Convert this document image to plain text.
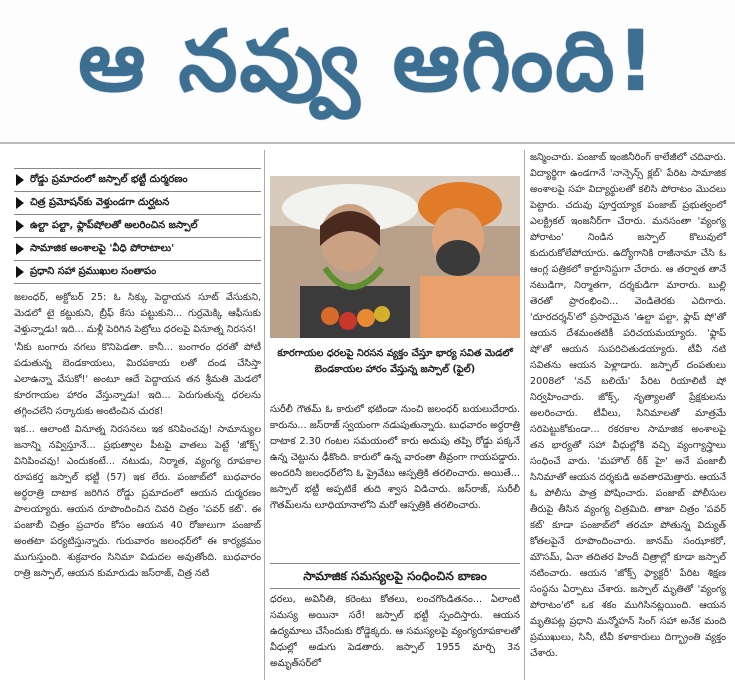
ఆ నవ్వు ఆగింది!
రోడ్డు ప్రమాదంలో జస్పాల్ భట్టీ దుర్మరణం
చిత్ర ప్రమోషన్‌కు వెళ్తుండగా దుర్ఘటన
ఉల్టా పల్టా, ఫ్లాప్‌షోలతో అలరించిన జస్పాల్
సామాజిక అంశాలపై 'వీధి పోరాటాలు'
ప్రధాని సహా ప్రముఖుల సంతాపం

జలంధర్, అక్టోబర్ 25: ఓ సిక్కు పెద్దాయన సూట్ వేసుకుని, మెడలో టై కట్టుకుని, బ్రీఫ్ కేసు పట్టుకుని... గుర్రమెక్కి ఆఫీసుకు వెళ్తున్నాడు! ఇది... మళ్లీ పెరిగిన పెట్రోలు ధరలపై వినూత్న నిరసన!

'నీకు బంగారు నగలు కొనిపెడతా. కానీ... బంగారం ధరతో పోటీ పడుతున్న బెండకాయలు, మిరపకాయ లతో దండ చేసిస్తా ఎలాఉన్నా వేసుకో!' అంటూ ఆదే పెద్దాయన తన శ్రీమతి మెడలో కూరగాయల హారం వేస్తున్నాడు! ఇది... పెరుగుతున్న ధరలను తగ్గించలేని సర్కారుకు అంటించిన చురక!

ఇక... ఆలాంటి వినూత్న నిరసనలు ఇక కనిపించవు! సామాన్యుల జనాన్ని నవ్విస్తూనే... ప్రభుత్వాల పీటపై వాతలు పెట్టే 'జోక్స్' వినిపించవు! ఎందుకంటే... నటుడు, నిర్మాత, వ్యంగ్య రూపకాల రూపకర్త జస్పాల్ భట్టీ (57) ఇక లేరు. పంజాబ్‌లో బుధవారం అర్ధరాత్రి దాటాక జరిగిన రోడ్డు ప్రమాదంలో ఆయన దుర్మరణం పాలయ్యారు. ఆయన రూపొందించిన చివరి చిత్రం 'పవర్ కట్'. ఈ పంజాబీ చిత్రం ప్రచారం కోసం ఆయన 40 రోజులుగా పంజాబ్ అంతటా పర్యటిస్తున్నారు. గురువారం జలంధర్‌లో ఈ కార్యక్రమం ముగుస్తుంది. శుక్రవారం సినిమా విడుదల అవుతోంది. బుధవారం రాత్రి జస్పాల్, ఆయన కుమారుడు జస్‌రాజ్, చిత్ర నటి

కూరగాయల ధరలపై నిరసన వ్యక్తం చేస్తూ భార్య సవిత మెడలో బెండకాయల హారం వేస్తున్న జస్పాల్ (ఫైల్)

సురీలీ గౌతమ్ ఓ కారులో భటిండా నుంచి జలంధర్ బయలుదేరారు. కారును... జస్‌రాజ్ స్వయంగా నడుపుతున్నారు. బుధవారం అర్ధరాత్రి దాటాక 2.30 గంటల సమయంలో కారు అదుపు తప్పి రోడ్డు పక్కనే ఉన్న చెట్టును ఢీకొంది. కారులో ఉన్న వారంతా తీవ్రంగా గాయపడ్డారు. అందరినీ జలంధర్‌లోని ఓ ప్రైవేటు ఆస్పత్రికి తరలించారు. అయితే... జస్పాల్ భట్టీ అప్పటికే తుది శ్వాస విడిచారు. జస్‌రాజ్, సురీలీ గౌతమ్‌లను లూధియానాలోని మరో ఆస్పత్రికి తరలించారు.

సామాజిక సమస్యలపై సంధించిన బాణం

ధరలు, అవినీతి, కరెంటు కోతలు, లంచగొండితనం... ఏలాంటి సమస్య అయినా సరే! జస్పాల్ భట్టీ స్పందిస్తారు. ఆయన ఉద్యమాలు చేసేందుకు రోడ్డెక్కరు. ఆ సమస్యలపై వ్యంగ్యరూపకాలతో వీధుల్లో అడుగు పెడతారు. జస్పాల్ 1955 మార్చి 3న అమృత్‌సర్‌లో

జన్మించారు. పంజాబ్ ఇంజినీరింగ్ కాలేజీలో చదివారు. విద్యార్థిగా ఉండగానే 'నాన్సెన్స్ క్లబ్' పేరిట సామాజిక అంశాలపై సహ విద్యార్థులతో కలిసి పోరాటం మొదలు పెట్టారు. చదువు పూర్తయ్యాక పంజాబ్ ప్రభుత్వంలో ఎలక్ట్రికల్ ఇంజనీర్‌గా చేరారు. మనసంతా 'వ్యంగ్య పోరాటం' నిండిన జస్పాల్ కొలువులో కుదురుకోలేపోయారు. ఉద్యోగానికి రాజీనామా చేసి ఓ ఆంగ్ల పత్రికలో కార్టూనిస్టుగా చేరారు. ఆ తర్వాత తానే నటుడిగా, నిర్మాతగా, దర్శకుడిగా మారారు. బుల్లి తెరతో ప్రారంభించి... వెండితెరకు ఎదిగారు. 'దూరదర్శన్'లో ప్రసారమైన 'ఉల్టా పల్టా, ఫ్లాప్ షో'తో ఆయన దేశమంతటికీ పరిచయమయ్యారు. 'ఫ్లాప్ షో'తో ఆయన సుపరిచితుడయ్యారు. టీవీ నటి సవితను ఆయన పెళ్లాడారు. జస్పాల్ దంపతులు 2008లో 'నచ్ బలియే' పేరిట రియాలిటీ షో నిర్వహించారు. జోక్స్, నృత్యాలతో ప్రేక్షకులను అలరించారు. టీవీలు, సినిమాలతో మాత్రమే సరిపెట్టుకోకుండా... రకరకాల సామాజిక అంశాలపై తన భార్యతో సహా వీధుల్లోకి వచ్చి వ్యంగ్యాస్త్రాలు సంధించే వారు. 'మహౌల్ ఠీక్ హై' అనే పంజాబీ సినిమాతో ఆయన దర్శకుడి అవతారమెత్తారు. ఆయనే ఓ పోలీసు పాత్ర పోషించారు. పంజాబ్ పోలీసుల తీరుపై తీసిన వ్యంగ్య చిత్రమిది. తాజా చిత్రం 'పవర్ కట్' కూడా పంజాబ్‌లో తరచూ పోతున్న విద్యుత్ కోతలపైనే రూపొందించారు. జానమ్ సంఝాకరో, మౌసమ్, ఏనా తదితర హిందీ చిత్రాల్లో కూడా జస్పాల్ నటించారు. ఆయన 'జోక్స్ ఫ్యాక్టరీ' పేరిట శిక్షణ సంస్థను ఏర్పాటు చేశారు. జస్పాల్ మృతితో 'వ్యంగ్య పోరాటం'లో ఒక శకం ముగిసినట్లయింది. ఆయన మృతిపట్ల ప్రధాని మన్మోహన్ సింగ్ సహా అనేక మంది ప్రముఖులు, సినీ, టీవీ కళాకారులు దిగ్భ్రాంతి వ్యక్తం చేశారు.
